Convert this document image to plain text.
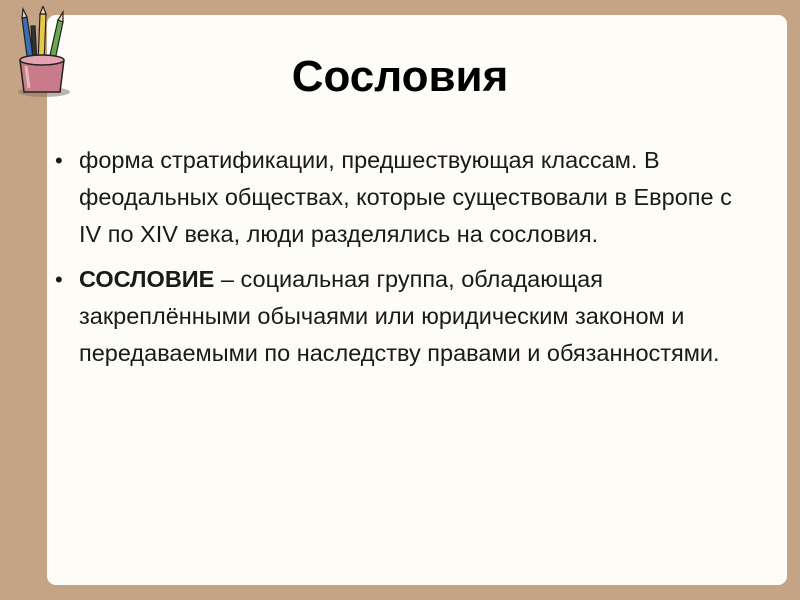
Сословия
• форма стратификации, предшествующая классам. В феодальных обществах, которые существовали в Европе с IV по XIV века, люди разделялись на сословия.
• СОСЛОВИЕ – социальная группа, обладающая закреплёнными обычаями или юридическим законом и передаваемыми по наследству правами и обязанностями.
